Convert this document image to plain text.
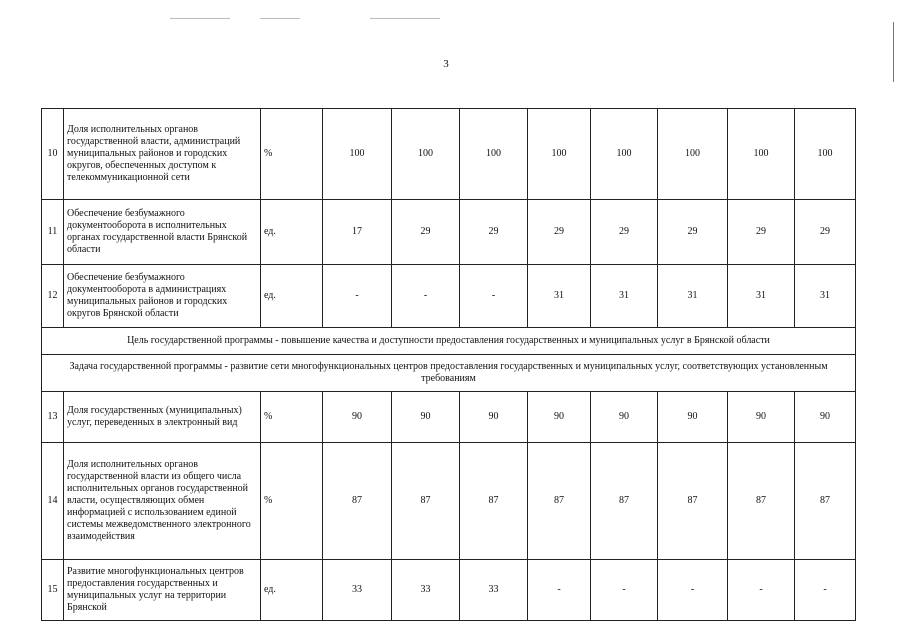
3
10	Доля исполнительных органов государственной власти, администраций муниципальных районов и городских округов, обеспеченных доступом к телекоммуникационной сети	%	100	100	100	100	100	100	100	100
11	Обеспечение безбумажного документооборота в исполнительных органах государственной власти Брянской области	ед.	17	29	29	29	29	29	29	29
12	Обеспечение безбумажного документооборота в администрациях муниципальных районов и городских округов Брянской области	ед.	-	-	-	31	31	31	31	31
Цель государственной программы - повышение качества и доступности предоставления государственных и муниципальных услуг в Брянской области										
Задача государственной программы - развитие сети многофункциональных центров предоставления государственных и муниципальных услуг, соответствующих установленным требованиям										
13	Доля государственных (муниципальных) услуг, переведенных в электронный вид	%	90	90	90	90	90	90	90	90
14	Доля исполнительных органов государственной власти из общего числа исполнительных органов государственной власти, осуществляющих обмен информацией с использованием единой системы межведомственного электронного взаимодействия	%	87	87	87	87	87	87	87	87
15	Развитие многофункциональных центров предоставления государственных и муниципальных услуг на территории Брянской	ед.	33	33	33	-	-	-	-	-
